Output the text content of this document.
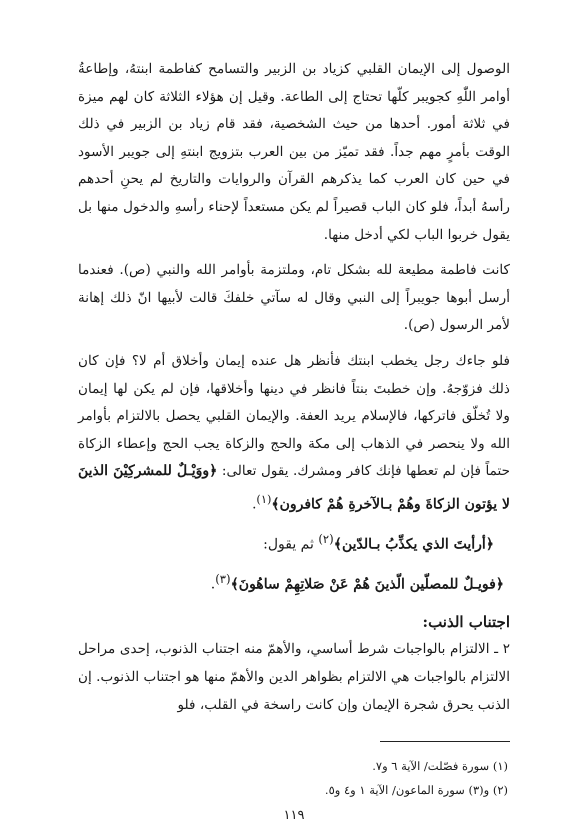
الوصول إلى الإيمان القلبي كزياد بن الزبير والتسامح كفاطمة ابنتهُ، وإطاعةُ أوامر اللّٰهِ كجويبر كلّها تحتاج إلى الطاعة. وقيل إن هؤلاء الثلاثة كان لهم ميزة في ثلاثة أمور. أحدها من حيث الشخصية، فقد قام زياد بن الزبير في ذلك الوقت بأمرٍ مهم جداً. فقد تميّز من بين العرب بتزويج ابنتهِ إلى جويبر الأسود في حين كان العرب كما يذكرهم القرآن والروايات والتاريخ لم يحنِ أحدهم رأسهُ أبداً، فلو كان الباب قصيراً لم يكن مستعداً لإحناء رأسهِ والدخول منها بل يقول خربوا الباب لكي أدخل منها.

كانت فاطمة مطيعة لله بشكل تام، وملتزمة بأوامر الله والنبي (ص). فعندما أرسل أبوها جويبراً إلى النبي وقال له سآتي خلفكَ قالت لأبيها انّ ذلك إهانة لأمر الرسول (ص).

فلو جاءك رجل يخطب ابنتك فأنظر هل عنده إيمان وأخلاق أم لا؟ فإن كان ذلك فزوّجهُ. وإن خطبتَ بنتاً فانظر في دينها وأخلاقها، فإن لم يكن لها إيمان ولا تُخلّق فاتركها، فالإسلام يريد العفة. والإيمان القلبي يحصل بالالتزام بأوامر الله ولا ينحصر في الذهاب إلى مكة والحج والزكاة يجب الحج وإعطاء الزكاة حتماً فإن لم تعطها فإنك كافر ومشرك. يقول تعالى: ﴿ووَيْـلٌ للمشركِيْنَ الذينَ لا يؤتون الزكاةَ وهُمْ بـالآخرةِ هُمْ كافرون﴾$^{(١)}$.

﴿أرأيتَ الذي يكذِّبُ بـالدّين﴾$^{(٢)}$ ثم يقول:

﴿فويـلٌ للمصلّين الّذينَ هُمْ عَنْ صَلاتِهِمْ ساهُونَ﴾$^{(٣)}$.

اجتناب الذنب:

٢ ـ الالتزام بالواجبات شرط أساسي، والأهمّ منه اجتناب الذنوب، إحدى مراحل الالتزام بالواجبات هي الالتزام بظواهر الدين والأهمّ منها هو اجتناب الذنوب. إن الذنب يحرق شجرة الإيمان وإن كانت راسخة في القلب، فلو

(١) سورة فصّلت/ الآية ٦ و٧.

(٢) و(٣) سورة الماعون/ الآية ١ و٤ و٥.

١١٩
